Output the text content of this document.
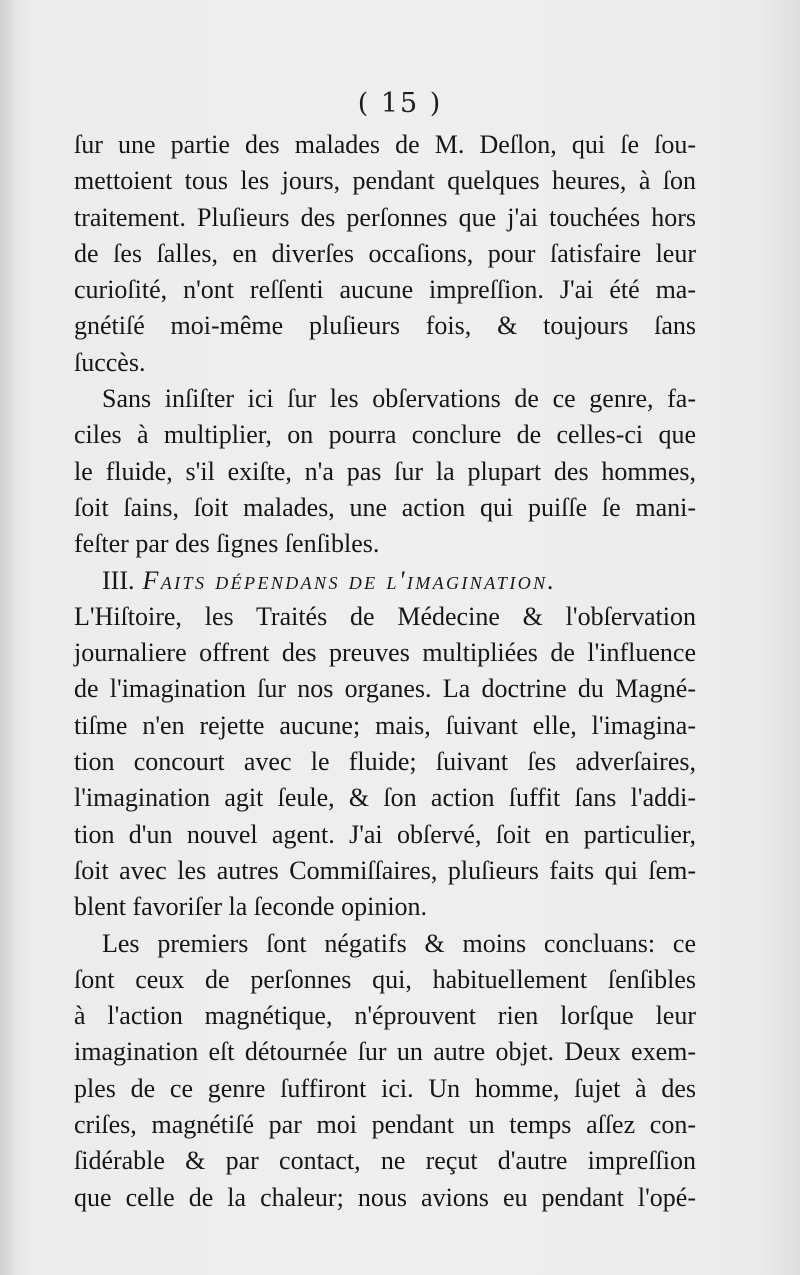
( 15 )
ſur une partie des malades de M. Deſlon, qui ſe ſou-
mettoient tous les jours, pendant quelques heures, à ſon
traitement. Pluſieurs des perſonnes que j'ai touchées hors
de ſes ſalles, en diverſes occaſions, pour ſatisfaire leur
curioſité, n'ont reſſenti aucune impreſſion. J'ai été ma-
gnétiſé moi-même pluſieurs fois, & toujours ſans
ſuccès.
Sans inſiſter ici ſur les obſervations de ce genre, fa-
ciles à multiplier, on pourra conclure de celles-ci que
le fluide, s'il exiſte, n'a pas ſur la plupart des hommes,
ſoit ſains, ſoit malades, une action qui puiſſe ſe mani-
feſter par des ſignes ſenſibles.
III. Faits dépendans de l'imagination.
L'Hiſtoire, les Traités de Médecine & l'obſervation
journaliere offrent des preuves multipliées de l'influence
de l'imagination ſur nos organes. La doctrine du Magné-
tiſme n'en rejette aucune; mais, ſuivant elle, l'imagina-
tion concourt avec le fluide; ſuivant ſes adverſaires,
l'imagination agit ſeule, & ſon action ſuffit ſans l'addi-
tion d'un nouvel agent. J'ai obſervé, ſoit en particulier,
ſoit avec les autres Commiſſaires, pluſieurs faits qui ſem-
blent favoriſer la ſeconde opinion.
Les premiers ſont négatifs & moins concluans: ce
ſont ceux de perſonnes qui, habituellement ſenſibles
à l'action magnétique, n'éprouvent rien lorſque leur
imagination eſt détournée ſur un autre objet. Deux exem-
ples de ce genre ſuffiront ici. Un homme, ſujet à des
criſes, magnétiſé par moi pendant un temps aſſez con-
ſidérable & par contact, ne reçut d'autre impreſſion
que celle de la chaleur; nous avions eu pendant l'opé-
